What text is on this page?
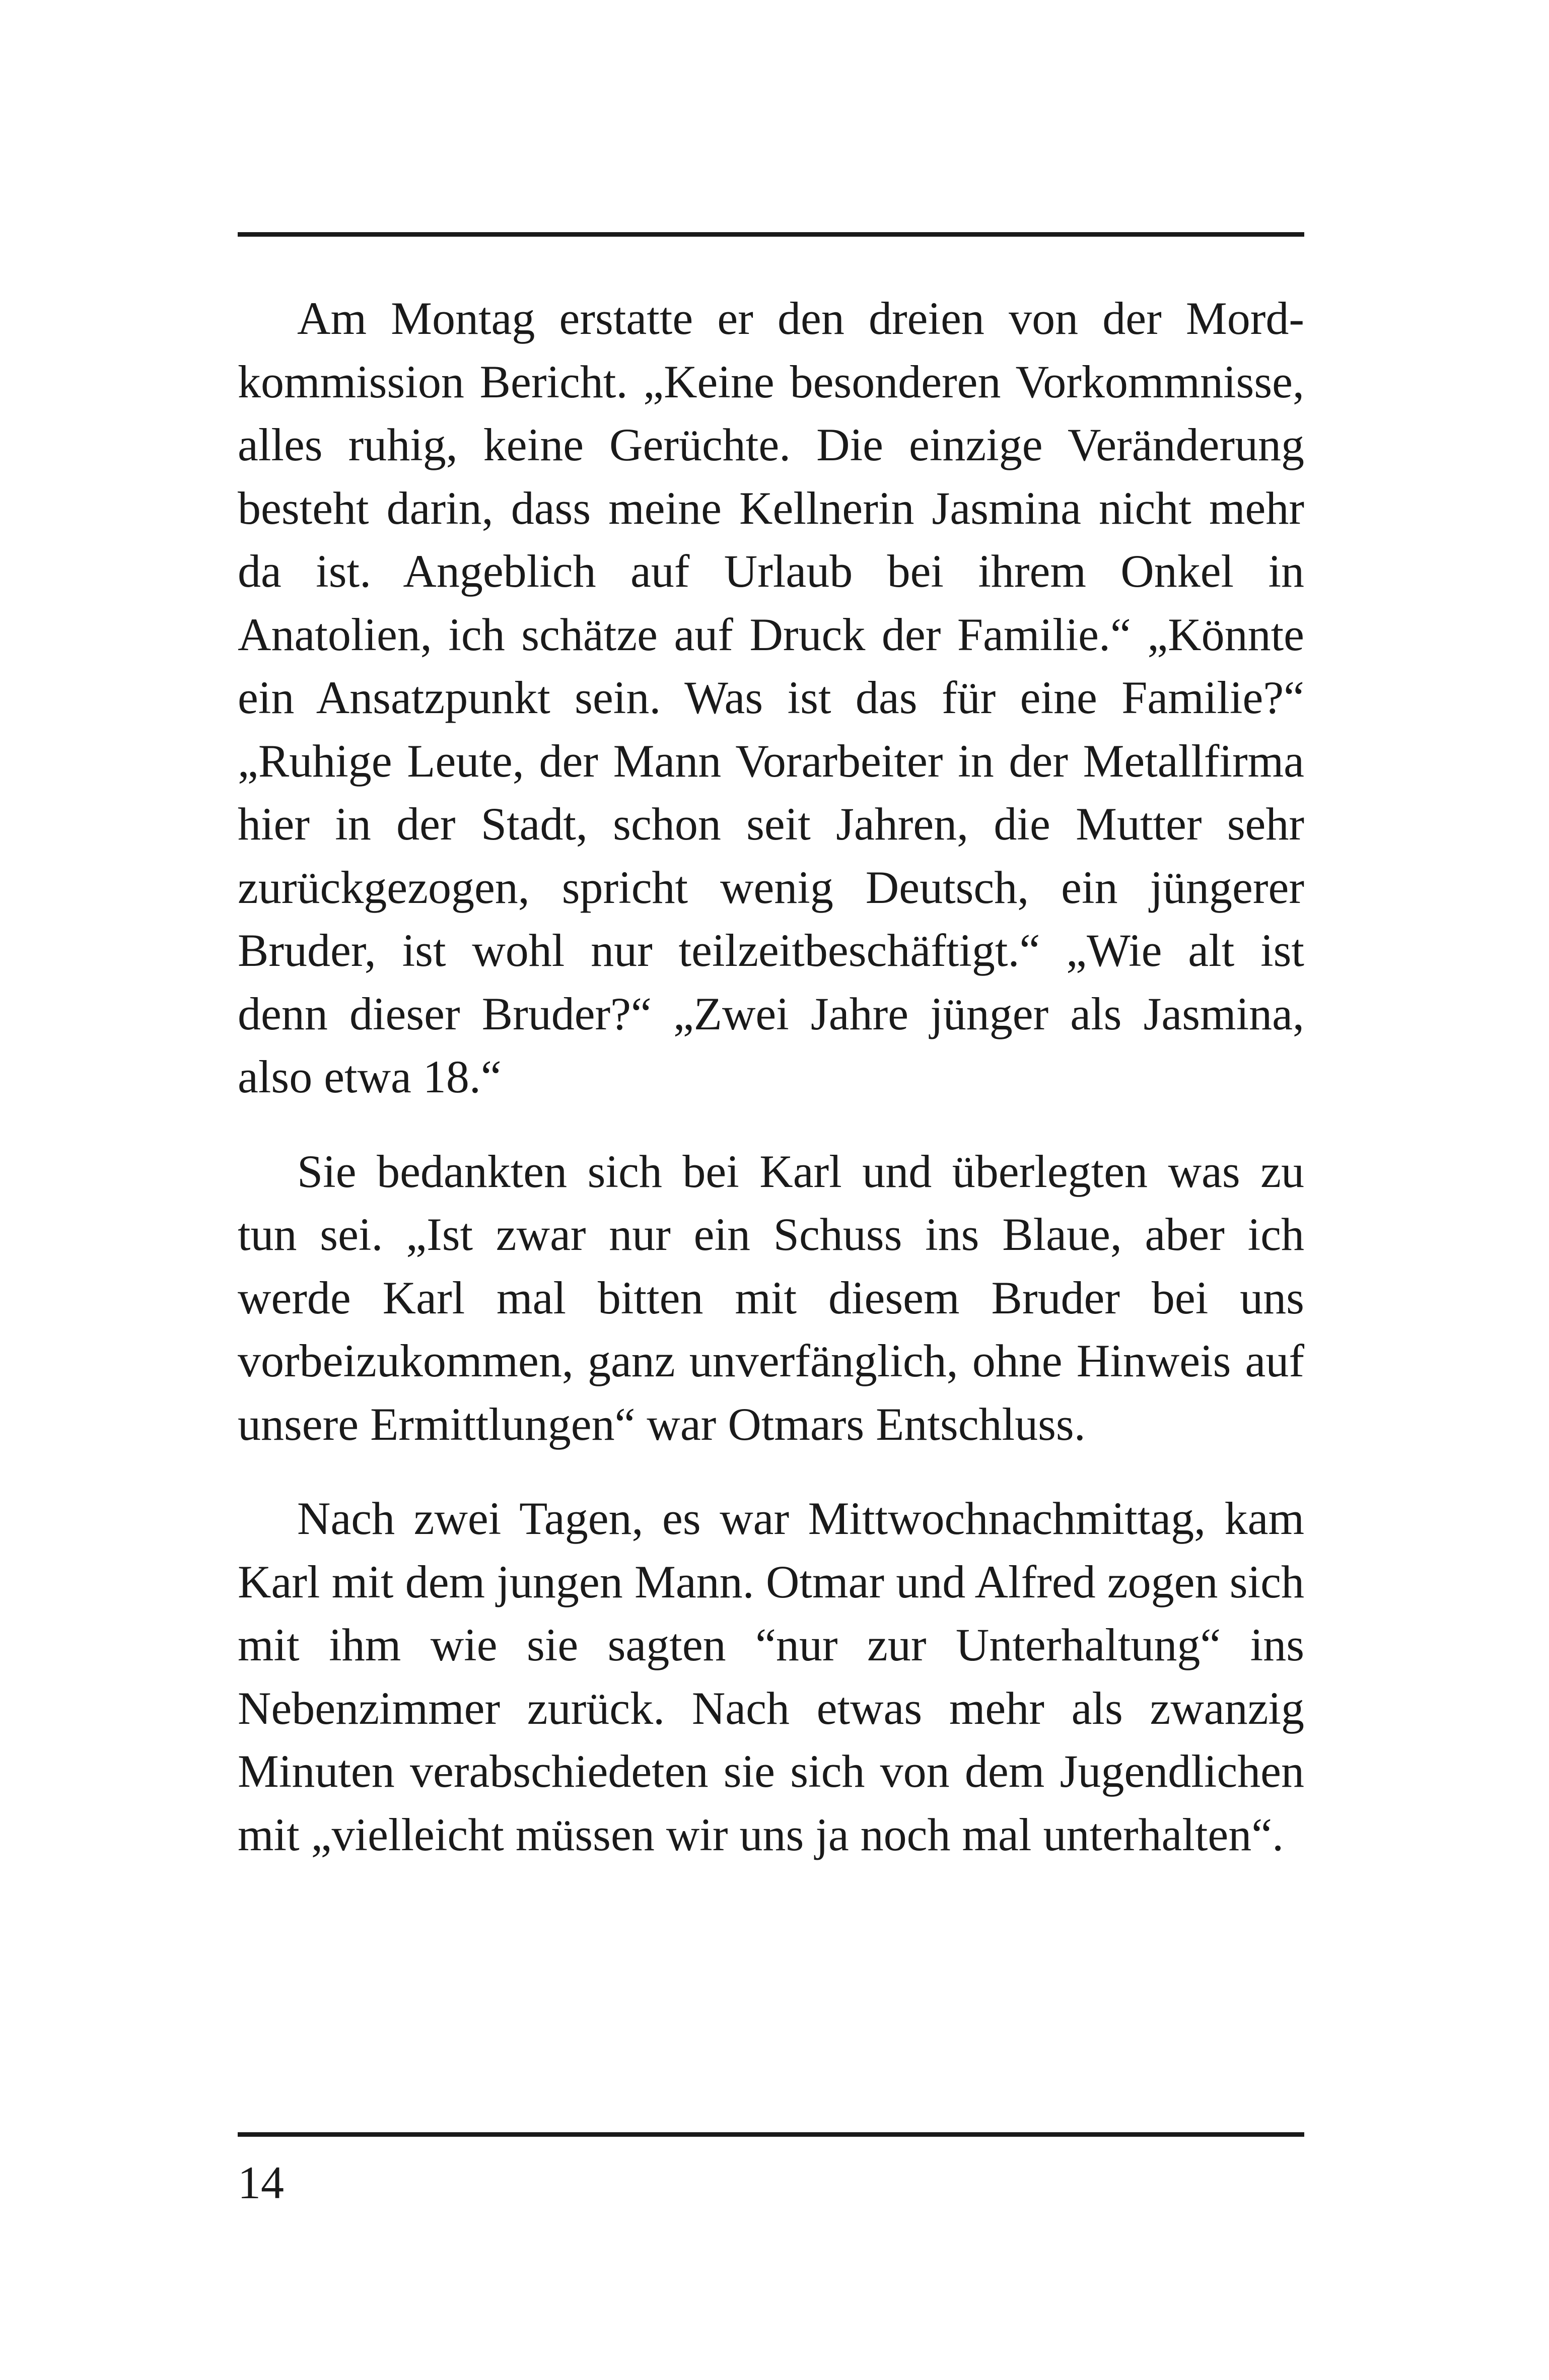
Am Montag erstatte er den dreien von der Mordkommission Bericht. „Keine besonderen Vorkommnisse, alles ruhig, keine Gerüchte. Die einzige Veränderung besteht darin, dass meine Kellnerin Jasmina nicht mehr da ist. Angeblich auf Urlaub bei ihrem Onkel in Anatolien, ich schätze auf Druck der Familie.“ „Könnte ein Ansatzpunkt sein. Was ist das für eine Familie?“ „Ruhige Leute, der Mann Vorarbeiter in der Metallfirma hier in der Stadt, schon seit Jahren, die Mutter sehr zurückgezogen, spricht wenig Deutsch, ein jüngerer Bruder, ist wohl nur teilzeitbeschäftigt.“ „Wie alt ist denn dieser Bruder?“ „Zwei Jahre jünger als Jasmina, also etwa 18.“

Sie bedankten sich bei Karl und überlegten was zu tun sei. „Ist zwar nur ein Schuss ins Blaue, aber ich werde Karl mal bitten mit diesem Bruder bei uns vorbeizukommen, ganz unverfänglich, ohne Hinweis auf unsere Ermittlungen“ war Otmars Entschluss.

Nach zwei Tagen, es war Mittwochnachmittag, kam Karl mit dem jungen Mann. Otmar und Alfred zogen sich mit ihm wie sie sagten “nur zur Unterhaltung“ ins Nebenzimmer zurück. Nach etwas mehr als zwanzig Minuten verabschiedeten sie sich von dem Jugendlichen mit „vielleicht müssen wir uns ja noch mal unterhalten“.

14
